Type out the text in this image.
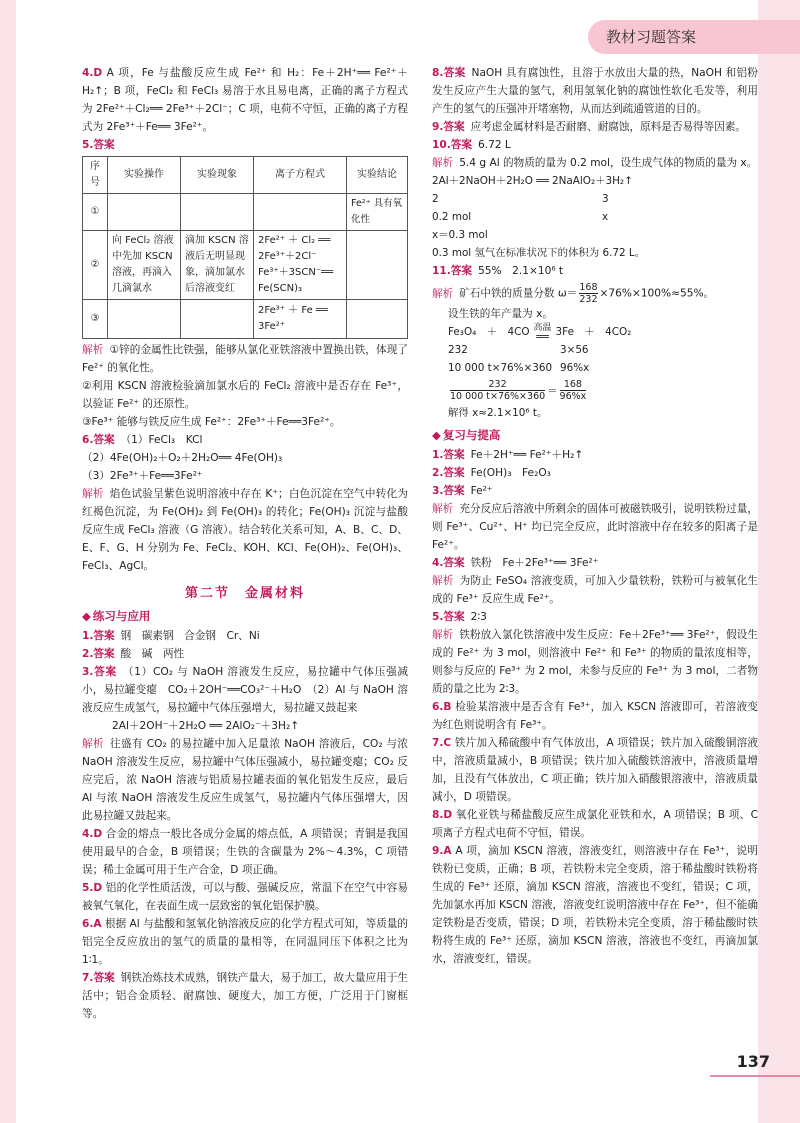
4.D A 项，Fe 与盐酸反应生成 Fe²⁺ 和 H₂：Fe＋2H⁺══ Fe²⁺＋H₂↑；B 项，FeCl₂ 和 FeCl₃ 易溶于水且易电离，正确的离子方程式为 2Fe²⁺＋Cl₂══ 2Fe³⁺＋2Cl⁻；C 项，电荷不守恒，正确的离子方程式为 2Fe³⁺＋Fe══ 3Fe²⁺。

5.答案

序号	实验操作	实验现象	离子方程式	实验结论
①				Fe²⁺ 具有氧化性
②	向 FeCl₂ 溶液中先加 KSCN 溶液，再滴入几滴氯水	滴加 KSCN 溶液后无明显现象，滴加氯水后溶液变红	2Fe²⁺ ＋ Cl₂ ══ 2Fe³⁺＋2Cl⁻
Fe³⁺＋3SCN⁻══ Fe(SCN)₃	

③			2Fe³⁺ ＋ Fe ══ 3Fe²⁺	

解析 ①锌的金属性比铁强，能够从氯化亚铁溶液中置换出铁，体现了 Fe²⁺ 的氧化性。

②利用 KSCN 溶液检验滴加氯水后的 FeCl₂ 溶液中是否存在 Fe³⁺，以验证 Fe²⁺ 的还原性。

③Fe³⁺ 能够与铁反应生成 Fe²⁺：2Fe³⁺＋Fe══3Fe²⁺。

6.答案 （1）FeCl₃　KCl

（2）4Fe(OH)₂＋O₂＋2H₂O══ 4Fe(OH)₃

（3）2Fe³⁺＋Fe══3Fe²⁺

解析 焰色试验呈紫色说明溶液中存在 K⁺；白色沉淀在空气中转化为红褐色沉淀，为 Fe(OH)₂ 到 Fe(OH)₃ 的转化；Fe(OH)₃ 沉淀与盐酸反应生成 FeCl₃ 溶液（G 溶液）。结合转化关系可知，A、B、C、D、E、F、G、H 分别为 Fe、FeCl₂、KOH、KCl、Fe(OH)₂、Fe(OH)₃、FeCl₃、AgCl。

第二节　金属材料
◆ 练习与应用

1.答案 钢　碳素钢　合金钢　Cr、Ni

2.答案 酸　碱　两性

3.答案 （1）CO₂ 与 NaOH 溶液发生反应，易拉罐中气体压强减小，易拉罐变瘪　CO₂＋2OH⁻══CO₃²⁻＋H₂O　（2）Al 与 NaOH 溶液反应生成氢气，易拉罐中气体压强增大，易拉罐又鼓起来

2Al＋2OH⁻＋2H₂O ══ 2AlO₂⁻＋3H₂↑

解析 往盛有 CO₂ 的易拉罐中加入足量浓 NaOH 溶液后，CO₂ 与浓 NaOH 溶液发生反应，易拉罐中气体压强减小，易拉罐变瘪；CO₂ 反应完后，浓 NaOH 溶液与铝质易拉罐表面的氧化铝发生反应，最后 Al 与浓 NaOH 溶液发生反应生成氢气，易拉罐内气体压强增大，因此易拉罐又鼓起来。

4.D 合金的熔点一般比各成分金属的熔点低，A 项错误；青铜是我国使用最早的合金，B 项错误；生铁的含碳量为 2%～4.3%，C 项错误；稀土金属可用于生产合金，D 项正确。

5.D 铝的化学性质活泼，可以与酸、强碱反应，常温下在空气中容易被氧气氧化，在表面生成一层致密的氧化铝保护膜。

6.A 根据 Al 与盐酸和氢氧化钠溶液反应的化学方程式可知，等质量的铝完全反应放出的氢气的质量的量相等，在同温同压下体积之比为 1∶1。

7.答案 钢铁冶炼技术成熟，钢铁产量大，易于加工，故大量应用于生活中；铝合金质轻、耐腐蚀、硬度大，加工方便，广泛用于门窗框等。

8.答案 NaOH 具有腐蚀性，且溶于水放出大量的热，NaOH 和铝粉发生反应产生大量的氢气，利用氢氧化钠的腐蚀性软化毛发等，利用产生的氢气的压强冲开堵塞物，从而达到疏通管道的目的。

9.答案 应考虑金属材料是否耐磨、耐腐蚀，原料是否易得等因素。

10.答案 6.72 L

解析 5.4 g Al 的物质的量为 0.2 mol，设生成气体的物质的量为 x。

2Al＋2NaOH＋2H₂O ══ 2NaAlO₂＋3H₂↑

2	3
0.2 mol	x

x＝0.3 mol

0.3 mol 氢气在标准状况下的体积为 6.72 L。

11.答案 55%　2.1×10⁶ t

解析 矿石中铁的质量分数 $\omega= \frac{168}{232} \times 76\%\times 100\%\approx 55\%$。

设生铁的年产量为 x。

Fe₃O₄　＋　4CO 高温
══ 3Fe　＋　4CO₂
232	3×56
10 000 t×76%×360 96%x
$\frac{232}{10 000 t\times 76\%\times 360} = \frac{168}{96\%x}$

解得 x≈2.1×10⁶ t。

◆ 复习与提高

1.答案 Fe＋2H⁺══ Fe²⁺＋H₂↑

2.答案 Fe(OH)₃　Fe₂O₃

3.答案 Fe²⁺

解析 充分反应后溶液中所剩余的固体可被磁铁吸引，说明铁粉过量，则 Fe³⁺、Cu²⁺、H⁺ 均已完全反应，此时溶液中存在较多的阳离子是 Fe²⁺。

4.答案 铁粉　Fe＋2Fe³⁺══ 3Fe²⁺

解析 为防止 FeSO₄ 溶液变质，可加入少量铁粉，铁粉可与被氧化生成的 Fe³⁺ 反应生成 Fe²⁺。

5.答案 2∶3

解析 铁粉放入氯化铁溶液中发生反应：Fe＋2Fe³⁺══ 3Fe²⁺，假设生成的 Fe²⁺ 为 3 mol，则溶液中 Fe²⁺ 和 Fe³⁺ 的物质的量浓度相等，则参与反应的 Fe³⁺ 为 2 mol，未参与反应的 Fe³⁺ 为 3 mol，二者物质的量之比为 2∶3。

6.B 检验某溶液中是否含有 Fe³⁺，加入 KSCN 溶液即可，若溶液变为红色则说明含有 Fe³⁺。

7.C 铁片加入稀硫酸中有气体放出，A 项错误；铁片加入硫酸铜溶液中，溶液质量减小，B 项错误；铁片加入硫酸铁溶液中，溶液质量增加，且没有气体放出，C 项正确；铁片加入硝酸银溶液中，溶液质量减小，D 项错误。

8.D 氧化亚铁与稀盐酸反应生成氯化亚铁和水，A 项错误；B 项、C 项离子方程式电荷不守恒，错误。

9.A A 项，滴加 KSCN 溶液，溶液变红，则溶液中存在 Fe³⁺，说明铁粉已变质，正确；B 项，若铁粉未完全变质，溶于稀盐酸时铁粉将生成的 Fe³⁺ 还原，滴加 KSCN 溶液，溶液也不变红，错误；C 项，先加氯水再加 KSCN 溶液，溶液变红说明溶液中存在 Fe³⁺，但不能确定铁粉是否变质，错误；D 项，若铁粉未完全变质，溶于稀盐酸时铁粉将生成的 Fe³⁺ 还原，滴加 KSCN 溶液，溶液也不变红，再滴加氯水，溶液变红，错误。

教材习题答案
137
